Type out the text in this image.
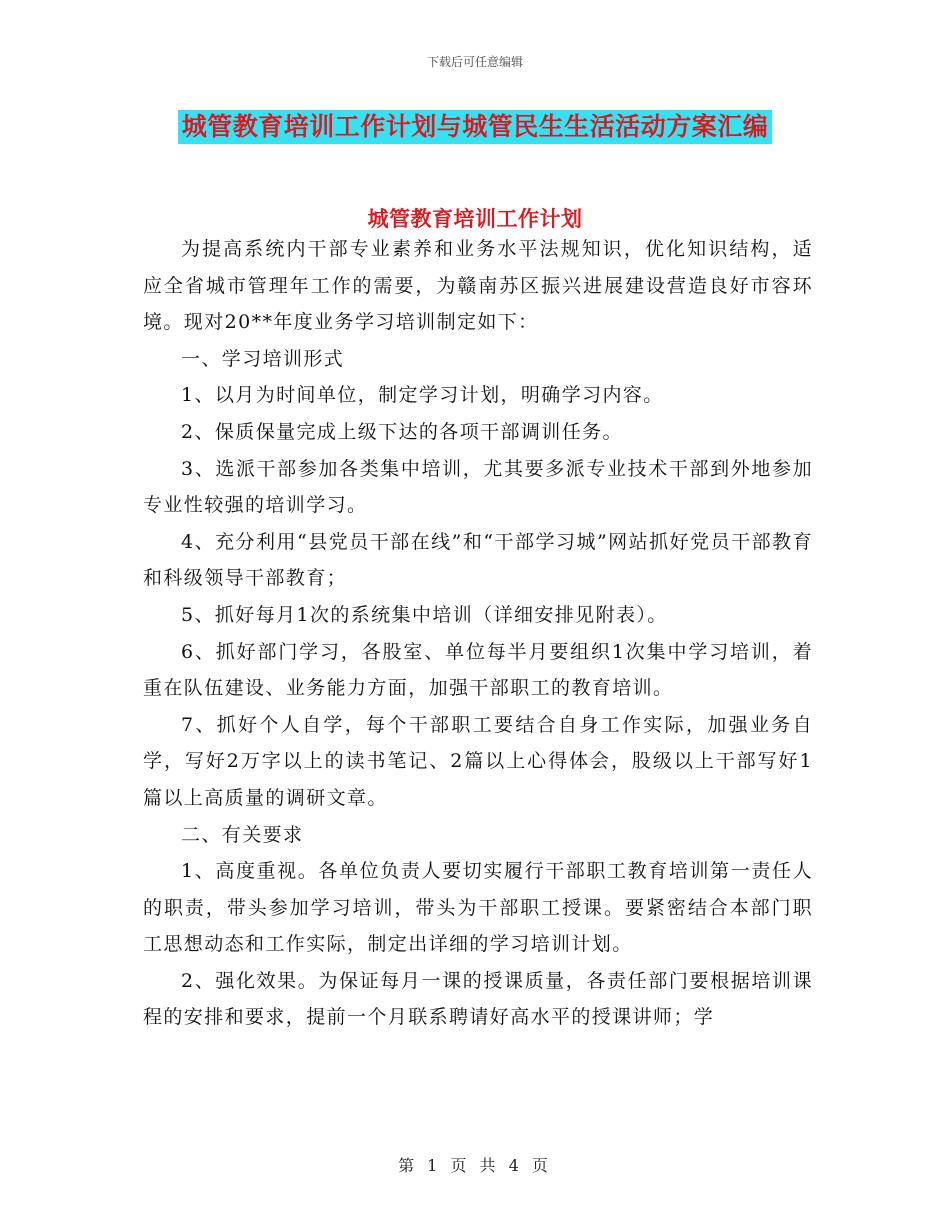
下载后可任意编辑
城管教育培训工作计划与城管民生生活活动方案汇编
城管教育培训工作计划

为提高系统内干部专业素养和业务水平法规知识，优化知识结构，适应全省城市管理年工作的需要，为赣南苏区振兴进展建设营造良好市容环境。现对20**年度业务学习培训制定如下：

一、学习培训形式

1、以月为时间单位，制定学习计划，明确学习内容。

2、保质保量完成上级下达的各项干部调训任务。

3、选派干部参加各类集中培训，尤其要多派专业技术干部到外地参加专业性较强的培训学习。

4、充分利用“县党员干部在线”和“干部学习城”网站抓好党员干部教育和科级领导干部教育；

5、抓好每月1次的系统集中培训（详细安排见附表）。

6、抓好部门学习，各股室、单位每半月要组织1次集中学习培训，着重在队伍建设、业务能力方面，加强干部职工的教育培训。

7、抓好个人自学，每个干部职工要结合自身工作实际，加强业务自学，写好2万字以上的读书笔记、2篇以上心得体会，股级以上干部写好1篇以上高质量的调研文章。

二、有关要求

1、高度重视。各单位负责人要切实履行干部职工教育培训第一责任人的职责，带头参加学习培训，带头为干部职工授课。要紧密结合本部门职工思想动态和工作实际，制定出详细的学习培训计划。

2、强化效果。为保证每月一课的授课质量，各责任部门要根据培训课程的安排和要求，提前一个月联系聘请好高水平的授课讲师；学

第 1 页 共 4 页
